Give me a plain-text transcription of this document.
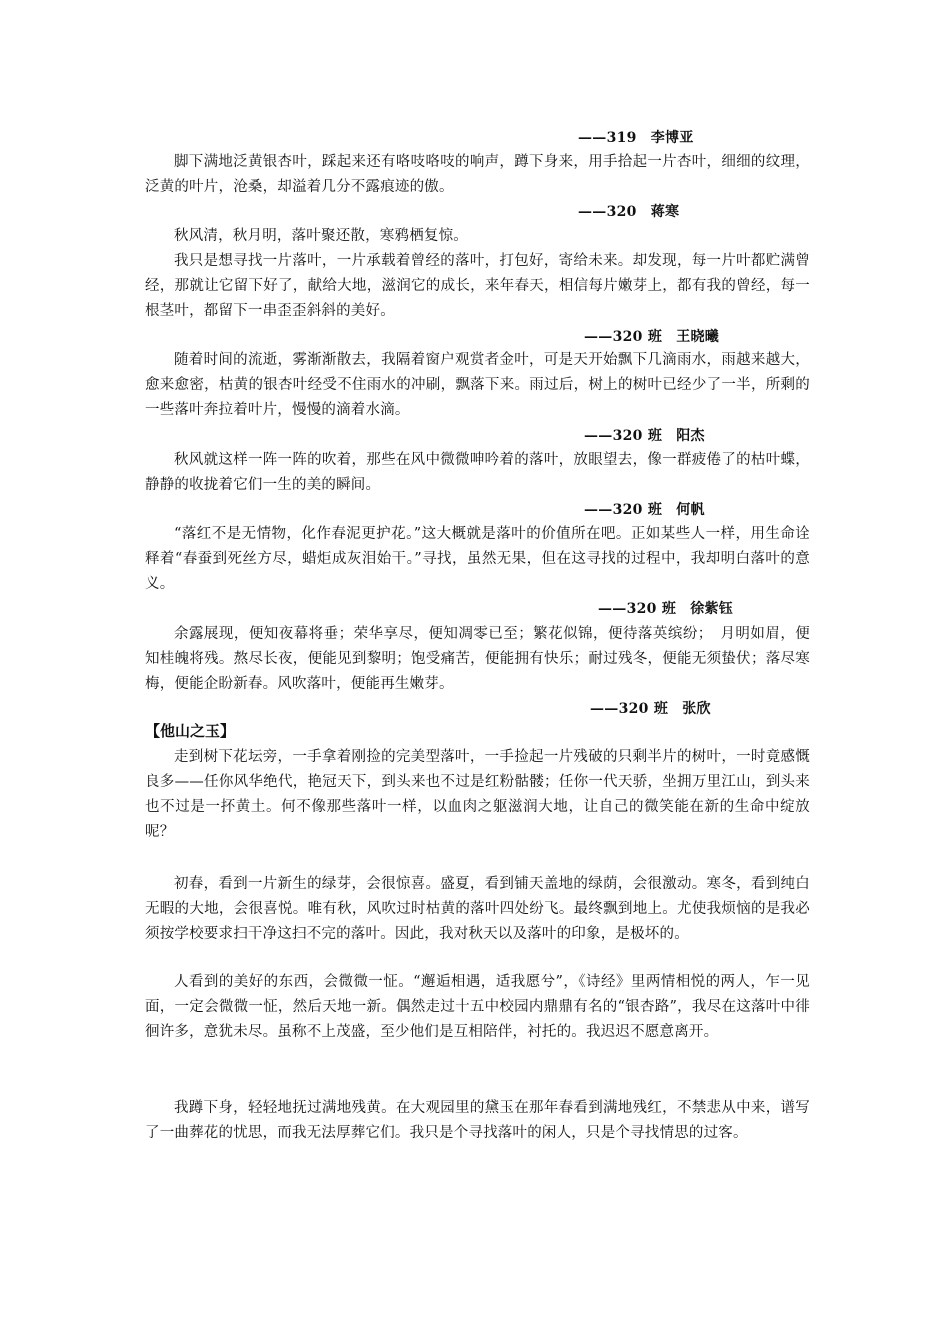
——319 李博亚

脚下满地泛黄银杏叶，踩起来还有咯吱咯吱的响声，蹲下身来，用手拾起一片杏叶，细细的纹理，泛黄的叶片，沧桑，却溢着几分不露痕迹的傲。

——320 蒋寒

秋风清，秋月明，落叶聚还散，寒鸦栖复惊。

我只是想寻找一片落叶，一片承载着曾经的落叶，打包好，寄给未来。却发现，每一片叶都贮满曾经，那就让它留下好了，献给大地，滋润它的成长，来年春天，相信每片嫩芽上，都有我的曾经，每一根茎叶，都留下一串歪歪斜斜的美好。

——320 班 王晓曦

随着时间的流逝，雾渐渐散去，我隔着窗户观赏者金叶，可是天开始飘下几滴雨水，雨越来越大，愈来愈密，枯黄的银杏叶经受不住雨水的冲刷，飘落下来。雨过后，树上的树叶已经少了一半，所剩的一些落叶奔拉着叶片，慢慢的滴着水滴。

——320 班 阳杰

秋风就这样一阵一阵的吹着，那些在风中微微呻吟着的落叶，放眼望去，像一群疲倦了的枯叶蝶，静静的收拢着它们一生的美的瞬间。

——320 班 何帆

“落红不是无情物，化作春泥更护花。”这大概就是落叶的价值所在吧。正如某些人一样，用生命诠释着“春蚕到死丝方尽，蜡炬成灰泪始干。”寻找，虽然无果，但在这寻找的过程中，我却明白落叶的意义。

——320 班 徐紫钰

余露展现，便知夜幕将垂；荣华享尽，便知凋零已至；繁花似锦，便待落英缤纷；　月明如眉，便知桂魄将残。熬尽长夜，便能见到黎明；饱受痛苦，便能拥有快乐；耐过残冬，便能无须蛰伏；落尽寒梅，便能企盼新春。风吹落叶，便能再生嫩芽。

——320 班 张欣
【他山之玉】

走到树下花坛旁，一手拿着刚捡的完美型落叶，一手捡起一片残破的只剩半片的树叶，一时竟感慨良多——任你风华绝代，艳冠天下，到头来也不过是红粉骷髅；任你一代天骄，坐拥万里江山，到头来也不过是一抔黄土。何不像那些落叶一样，以血肉之躯滋润大地，让自己的微笑能在新的生命中绽放呢？

初春，看到一片新生的绿芽，会很惊喜。盛夏，看到铺天盖地的绿荫，会很激动。寒冬，看到纯白无暇的大地，会很喜悦。唯有秋，风吹过时枯黄的落叶四处纷飞。最终飘到地上。尤使我烦恼的是我必须按学校要求扫干净这扫不完的落叶。因此，我对秋天以及落叶的印象，是极坏的。

人看到的美好的东西，会微微一怔。“邂逅相遇，适我愿兮”，《诗经》里两情相悦的两人，乍一见面，一定会微微一怔，然后天地一新。偶然走过十五中校园内鼎鼎有名的“银杏路”，我尽在这落叶中徘徊许多，意犹未尽。虽称不上茂盛，至少他们是互相陪伴，衬托的。我迟迟不愿意离开。

我蹲下身，轻轻地抚过满地残黄。在大观园里的黛玉在那年春看到满地残红，不禁悲从中来，谱写了一曲葬花的忧思，而我无法厚葬它们。我只是个寻找落叶的闲人，只是个寻找情思的过客。
